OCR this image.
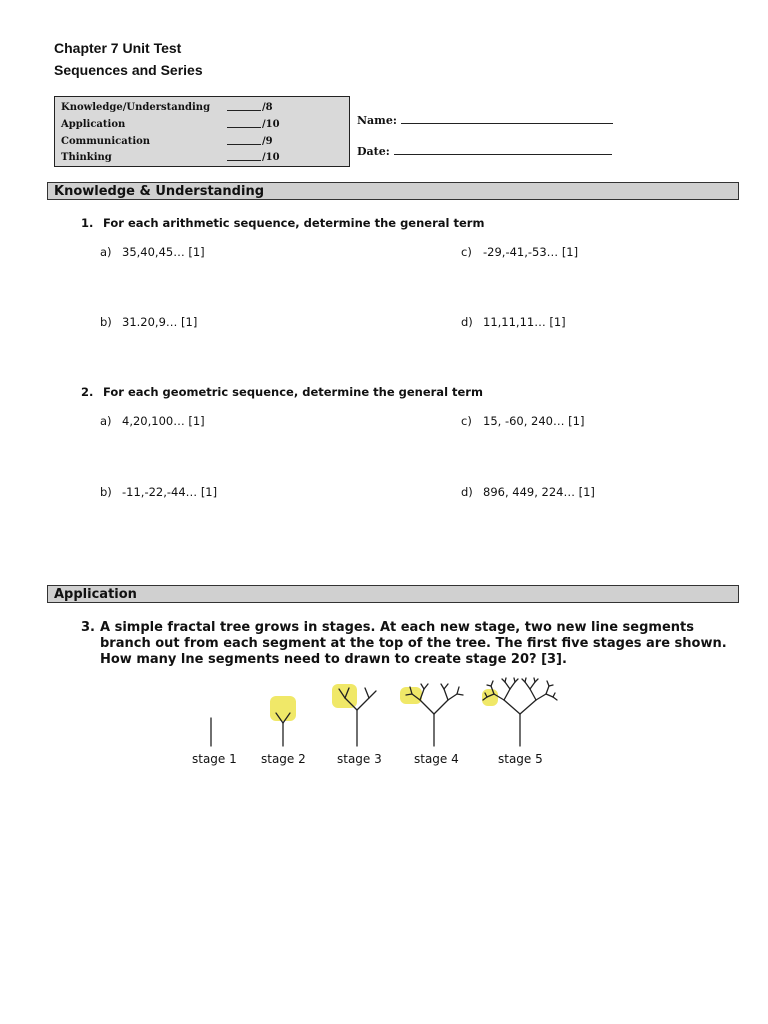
Chapter 7 Unit Test
Sequences and Series
Knowledge/Understanding	/8
Application	/10
Communication	/9
Thinking	/10
Name:
Date:
Knowledge & Understanding
1. For each arithmetic sequence, determine the general term
a) 35,40,45… [1]
b) 31.20,9… [1]
c) -29,-41,-53… [1]
d) 11,11,11… [1]
2. For each geometric sequence, determine the general term
a) 4,20,100… [1]
b) -11,-22,-44… [1]
c) 15, -60, 240… [1]
d) 896, 449, 224… [1]
Application
3. A simple fractal tree grows in stages. At each new stage, two new line segments branch out from each segment at the top of the tree. The first five stages are shown. How many lne segments need to drawn to create stage 20? [3].
stage 1 stage 2	stage 3	stage 4	stage 5
